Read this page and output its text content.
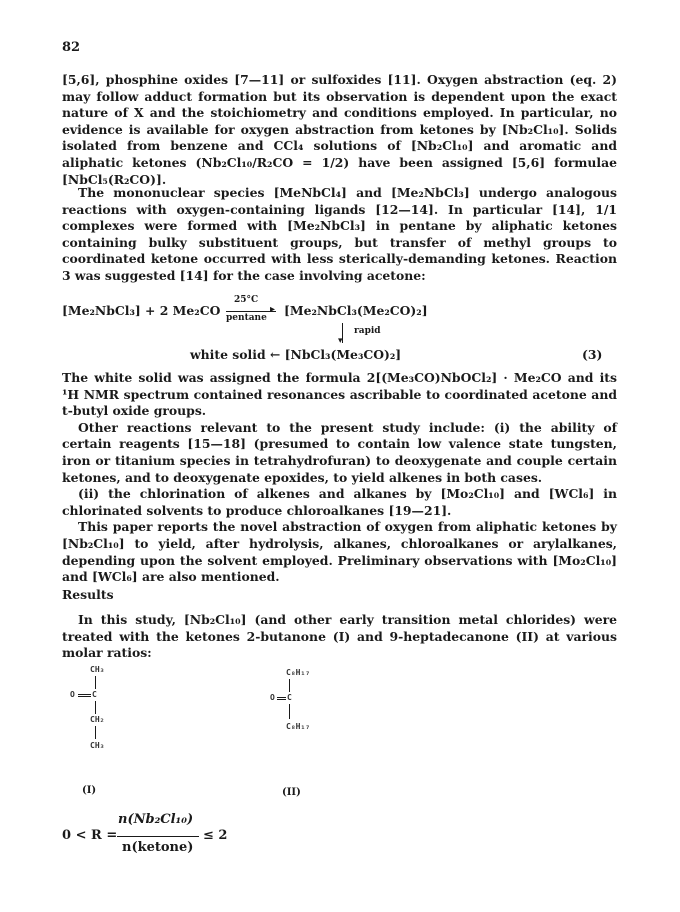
82

[5,6], phosphine oxides [7—11] or sulfoxides [11]. Oxygen abstraction (eq. 2) may follow adduct formation but its observation is dependent upon the exact nature of X and the stoichiometry and conditions employed. In particular, no evidence is available for oxygen abstraction from ketones by [Nb₂Cl₁₀]. Solids isolated from benzene and CCl₄ solutions of [Nb₂Cl₁₀] and aromatic and aliphatic ketones (Nb₂Cl₁₀/R₂CO = 1/2) have been assigned [5,6] formulae [NbCl₅(R₂CO)].

The mononuclear species [MeNbCl₄] and [Me₂NbCl₃] undergo analogous reactions with oxygen-containing ligands [12—14]. In particular [14], 1/1 complexes were formed with [Me₂NbCl₃] in pentane by aliphatic ketones containing bulky substituent groups, but transfer of methyl groups to coordinated ketone occurred with less sterically-demanding ketones. Reaction 3 was suggested [14] for the case involving acetone:

[Me₂NbCl₃] + 2 Me₂CO
25°C
▸
pentane [Me₂NbCl₃(Me₂CO)₂]
▾
rapid
white solid ← [NbCl₃(Me₃CO)₂]	(3)

The white solid was assigned the formula 2[(Me₃CO)NbOCl₂] · Me₂CO and its ¹H NMR spectrum contained resonances ascribable to coordinated acetone and t-butyl oxide groups.

Other reactions relevant to the present study include: (i) the ability of certain reagents [15—18] (presumed to contain low valence state tungsten, iron or titanium species in tetrahydrofuran) to deoxygenate and couple certain ketones, and to deoxygenate epoxides, to yield alkenes in both cases.

(ii) the chlorination of alkenes and alkanes by [Mo₂Cl₁₀] and [WCl₆] in chlorinated solvents to produce chloroalkanes [19—21].

This paper reports the novel abstraction of oxygen from aliphatic ketones by [Nb₂Cl₁₀] to yield, after hydrolysis, alkanes, chloroalkanes or arylalkanes, depending upon the solvent employed. Preliminary observations with [Mo₂Cl₁₀] and [WCl₆] are also mentioned.

Results

In this study, [Nb₂Cl₁₀] (and other early transition metal chlorides) were treated with the ketones 2-butanone (I) and 9-heptadecanone (II) at various molar ratios:

CH₃
O C
CH₂
CH₃
C₈H₁₇
O C
C₈H₁₇
(I)	(II)
0 < R =
n(Nb₂Cl₁₀)
n(ketone)
≤ 2
